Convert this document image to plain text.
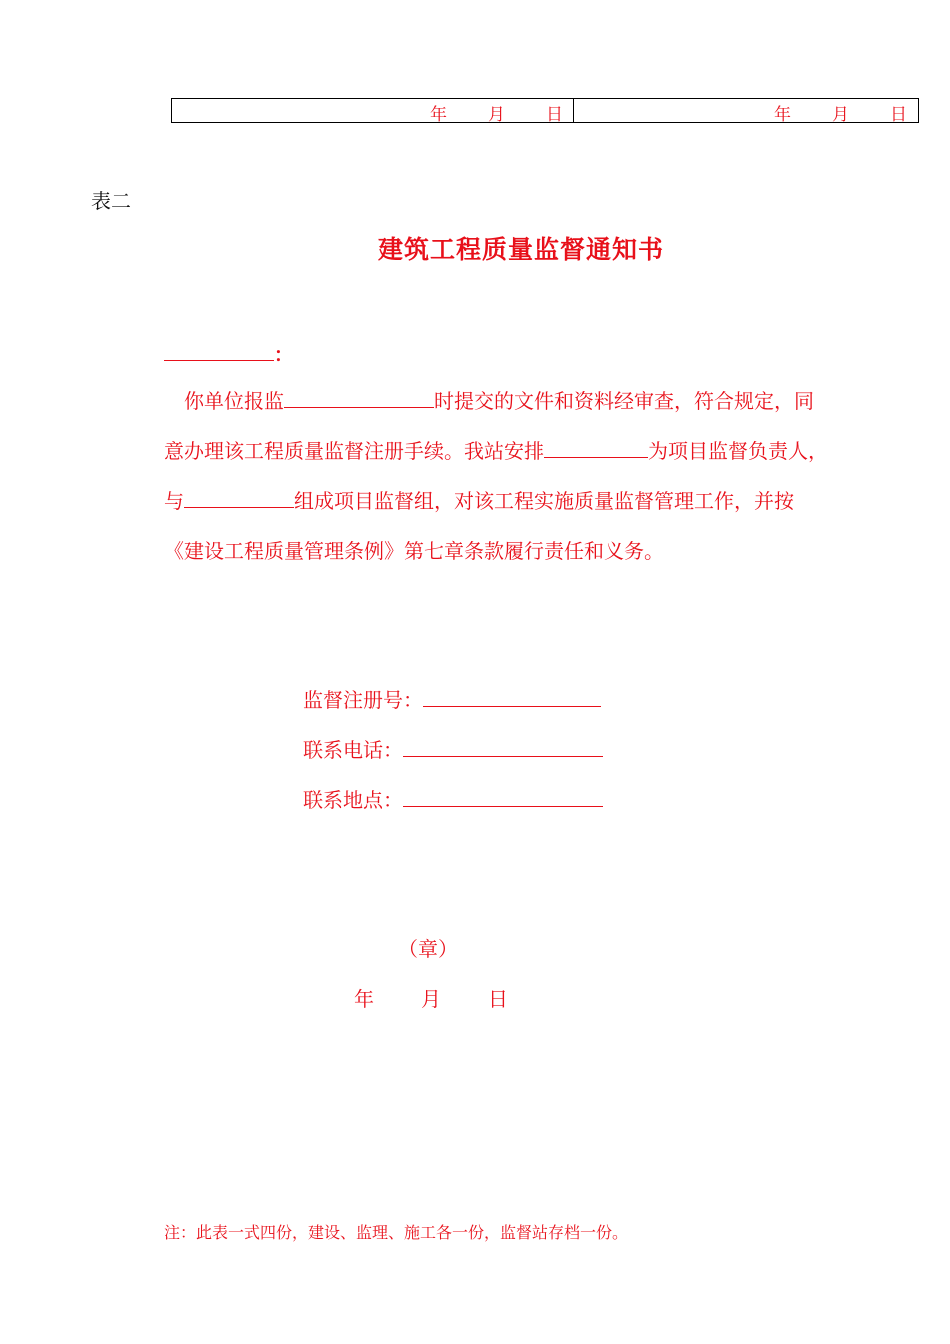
年 月 日	年 月 日
表二
建筑工程质量监督通知书
：
你单位报监	时提交的文件和资料经审查，符合规定，同
意办理该工程质量监督注册手续。我站安排	为项目监督负责人，
与	组成项目监督组，对该工程实施质量监督管理工作，并按
《建设工程质量管理条例》第七章条款履行责任和义务。
监督注册号：
联系电话：
联系地点：
（章）
年 月 日
注：此表一式四份，建设、监理、施工各一份，监督站存档一份。
